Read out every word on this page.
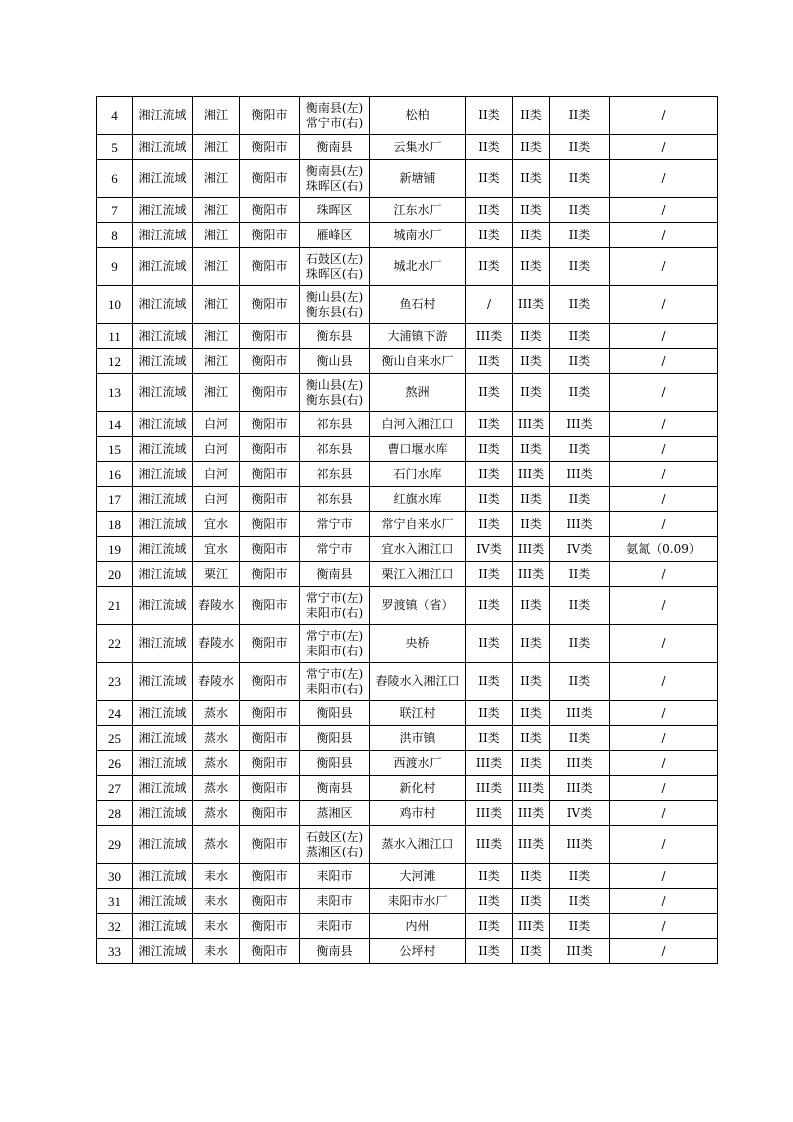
4	湘江流域	湘江	衡阳市	衡南县(左)
常宁市(右)	松柏	II类	II类	II类	/
5	湘江流域	湘江	衡阳市	衡南县	云集水厂	II类	II类	II类	/
6	湘江流域	湘江	衡阳市	衡南县(左)
珠晖区(右)	新塘铺	II类	II类	II类	/
7	湘江流域	湘江	衡阳市	珠晖区	江东水厂	II类	II类	II类	/
8	湘江流域	湘江	衡阳市	雁峰区	城南水厂	II类	II类	II类	/
9	湘江流域	湘江	衡阳市	石鼓区(左)
珠晖区(右)	城北水厂	II类	II类	II类	/
10	湘江流域	湘江	衡阳市	衡山县(左)
衡东县(右)	鱼石村	/	III类	II类	/
11	湘江流域	湘江	衡阳市	衡东县	大浦镇下游	III类	II类	II类	/
12	湘江流域	湘江	衡阳市	衡山县	衡山自来水厂	II类	II类	II类	/
13	湘江流域	湘江	衡阳市	衡山县(左)
衡东县(右)	熬洲	II类	II类	II类	/
14	湘江流域	白河	衡阳市	祁东县	白河入湘江口	II类	III类	III类	/
15	湘江流域	白河	衡阳市	祁东县	曹口堰水库	II类	II类	II类	/
16	湘江流域	白河	衡阳市	祁东县	石门水库	II类	III类	III类	/
17	湘江流域	白河	衡阳市	祁东县	红旗水库	II类	II类	II类	/
18	湘江流域	宜水	衡阳市	常宁市	常宁自来水厂	II类	II类	III类	/
19	湘江流域	宜水	衡阳市	常宁市	宜水入湘江口	IV类	III类	IV类	氨氮（0.09）
20	湘江流域	栗江	衡阳市	衡南县	栗江入湘江口	II类	III类	II类	/
21	湘江流域	舂陵水	衡阳市	常宁市(左)
耒阳市(右)	罗渡镇（省）	II类	II类	II类	/
22	湘江流域	舂陵水	衡阳市	常宁市(左)
耒阳市(右)	央桥	II类	II类	II类	/
23	湘江流域	舂陵水	衡阳市	常宁市(左)
耒阳市(右)	舂陵水入湘江口	II类	II类	II类	/
24	湘江流域	蒸水	衡阳市	衡阳县	联江村	II类	II类	III类	/
25	湘江流域	蒸水	衡阳市	衡阳县	洪市镇	II类	II类	II类	/
26	湘江流域	蒸水	衡阳市	衡阳县	西渡水厂	III类	II类	III类	/
27	湘江流域	蒸水	衡阳市	衡南县	新化村	III类	III类	III类	/
28	湘江流域	蒸水	衡阳市	蒸湘区	鸡市村	III类	III类	IV类	/
29	湘江流域	蒸水	衡阳市	石鼓区(左)
蒸湘区(右)	蒸水入湘江口	III类	III类	III类	/
30	湘江流域	耒水	衡阳市	耒阳市	大河滩	II类	II类	II类	/
31	湘江流域	耒水	衡阳市	耒阳市	耒阳市水厂	II类	II类	II类	/
32	湘江流域	耒水	衡阳市	耒阳市	内州	II类	III类	II类	/
33	湘江流域	耒水	衡阳市	衡南县	公坪村	II类	II类	III类	/
